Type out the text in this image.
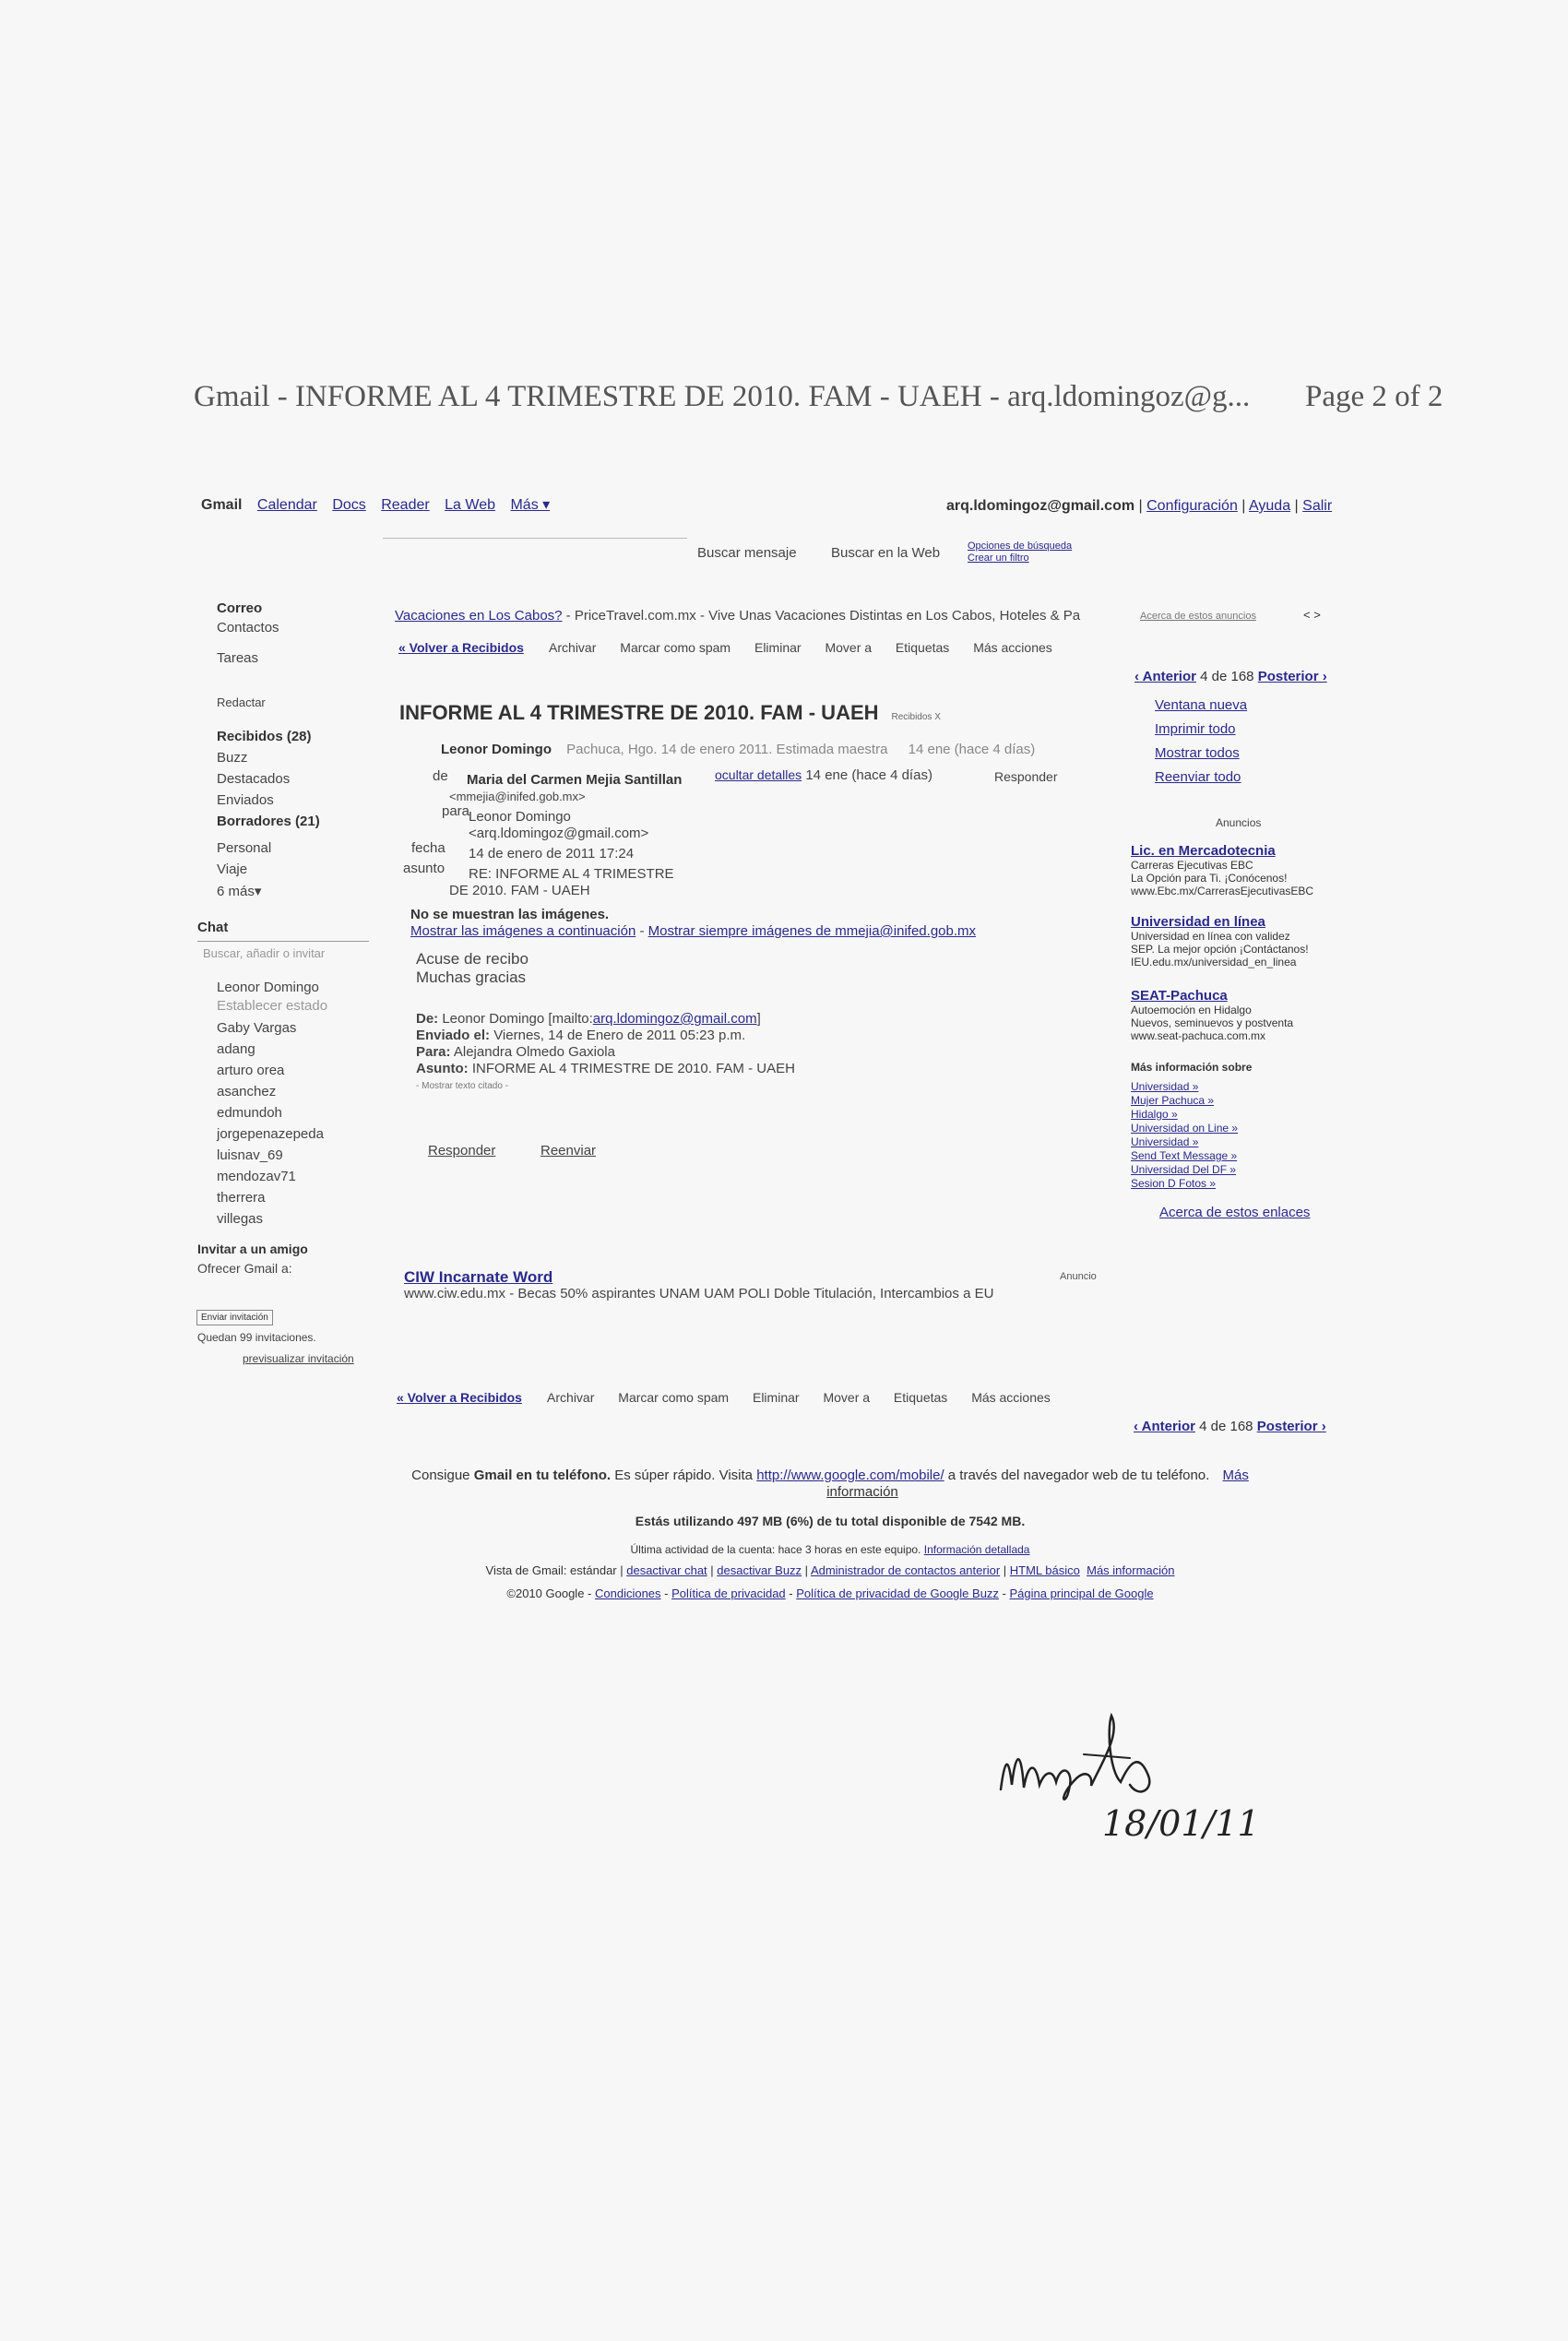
Gmail - INFORME AL 4 TRIMESTRE DE 2010. FAM - UAEH - arq.ldomingoz@g... Page 2 of 2
Gmail Calendar Docs Reader La Web Más ▾	arq.ldomingoz@gmail.com | Configuración | Ayuda | Salir
Buscar mensaje Buscar en la Web	Opciones de búsqueda
Crear un filtro
Correo
Contactos
Tareas
Redactar
Recibidos (28)
Buzz
Destacados
Enviados
Borradores (21)
Personal
Viaje
6 más▾
Chat
Buscar, añadir o invitar
Leonor Domingo
Establecer estado
Gaby Vargas
adang
arturo orea
asanchez
edmundoh
jorgepenazepeda
luisnav_69
mendozav71
therrera
villegas
Invitar a un amigo
Ofrecer Gmail a:
Enviar invitación
Quedan 99 invitaciones.
previsualizar invitación
Vacaciones en Los Cabos? - PriceTravel.com.mx - Vive Unas Vacaciones Distintas en Los Cabos, Hoteles & Pa	Acerca de estos anuncios	< >
« Volver a Recibidos Archivar Marcar como spam Eliminar Mover a Etiquetas Más acciones
‹ Anterior 4 de 168 Posterior ›
INFORME AL 4 TRIMESTRE DE 2010. FAM - UAEH Recibidos X
Leonor Domingo Pachuca, Hgo. 14 de enero 2011. Estimada maestra 14 ene (hace 4 días)
de Maria del Carmen Mejia Santillan
<mmejia@inifed.gob.mx>
ocultar detalles 14 ene (hace 4 días)	Responder
para
Leonor Domingo
<arq.ldomingoz@gmail.com>
fecha 14 de enero de 2011 17:24
asunto RE: INFORME AL 4 TRIMESTRE
DE 2010. FAM - UAEH
No se muestran las imágenes.
Mostrar las imágenes a continuación - Mostrar siempre imágenes de mmejia@inifed.gob.mx
Acuse de recibo
Muchas gracias
De: Leonor Domingo [mailto:arq.ldomingoz@gmail.com]
Enviado el: Viernes, 14 de Enero de 2011 05:23 p.m.
Para: Alejandra Olmedo Gaxiola
Asunto: INFORME AL 4 TRIMESTRE DE 2010. FAM - UAEH
- Mostrar texto citado -
Responder	Reenviar
CIW Incarnate Word
www.ciw.edu.mx - Becas 50% aspirantes UNAM UAM POLI Doble Titulación, Intercambios a EU
Anuncio
« Volver a Recibidos Archivar Marcar como spam Eliminar Mover a Etiquetas Más acciones
‹ Anterior 4 de 168 Posterior ›
Ventana nueva
Imprimir todo
Mostrar todos
Reenviar todo
Anuncios
Lic. en Mercadotecnia
Carreras Ejecutivas EBC
La Opción para Ti. ¡Conócenos!
www.Ebc.mx/CarrerasEjecutivasEBC
Universidad en línea
Universidad en línea con validez
SEP. La mejor opción ¡Contáctanos!
IEU.edu.mx/universidad_en_linea
SEAT-Pachuca
Autoemoción en Hidalgo
Nuevos, seminuevos y postventa
www.seat-pachuca.com.mx
Más información sobre
Universidad »
Mujer Pachuca »
Hidalgo »
Universidad on Line »
Universidad »
Send Text Message »
Universidad Del DF »
Sesion D Fotos »
Acerca de estos enlaces
Consigue Gmail en tu teléfono. Es súper rápido. Visita http://www.google.com/mobile/ a través del navegador web de tu teléfono. Más
información
Estás utilizando 497 MB (6%) de tu total disponible de 7542 MB.
Última actividad de la cuenta: hace 3 horas en este equipo. Información detallada
Vista de Gmail: estándar | desactivar chat | desactivar Buzz | Administrador de contactos anterior | HTML básico Más información
©2010 Google - Condiciones - Política de privacidad - Política de privacidad de Google Buzz - Página principal de Google
18/01/11
